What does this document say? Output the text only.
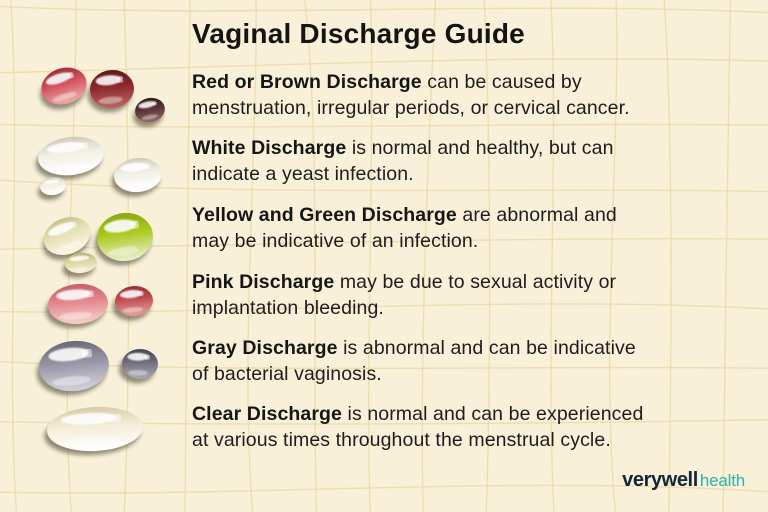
Vaginal Discharge Guide
Red or Brown Discharge can be caused by
menstruation, irregular periods, or cervical cancer.
White Discharge is normal and healthy, but can
indicate a yeast infection.
Yellow and Green Discharge are abnormal and
may be indicative of an infection.
Pink Discharge may be due to sexual activity or
implantation bleeding.
Gray Discharge is abnormal and can be indicative
of bacterial vaginosis.
Clear Discharge is normal and can be experienced
at various times throughout the menstrual cycle.
verywell health
